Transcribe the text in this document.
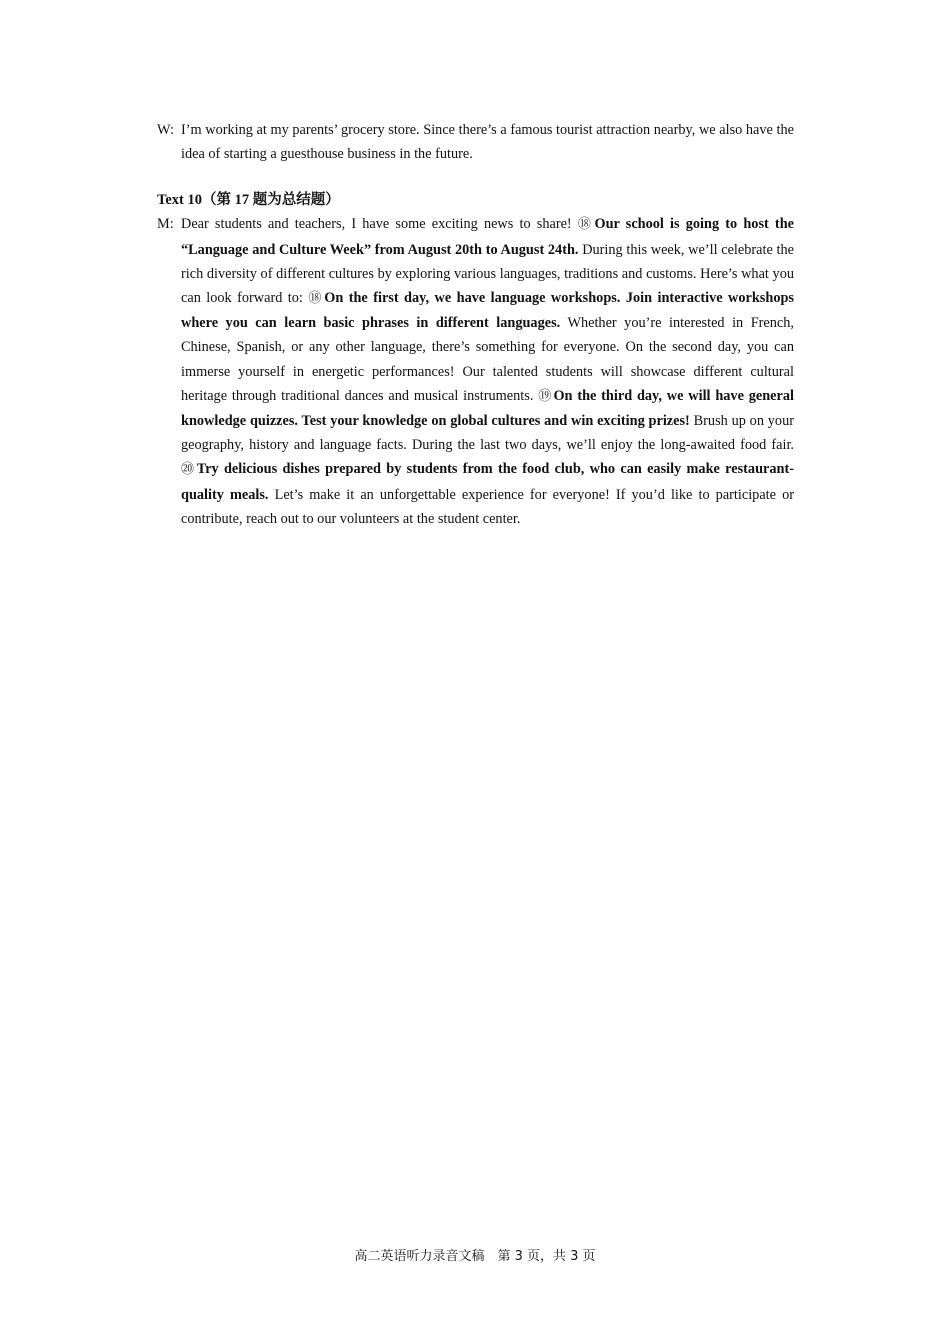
W: I’m working at my parents’ grocery store. Since there’s a famous tourist attraction nearby, we also have the idea of starting a guesthouse business in the future.

Text 10（第 17 题为总结题）

M: Dear students and teachers, I have some exciting news to share! ⑱Our school is going to host the “Language and Culture Week” from August 20th to August 24th. During this week, we’ll celebrate the rich diversity of different cultures by exploring various languages, traditions and customs. Here’s what you can look forward to: ⑱On the first day, we have language workshops. Join interactive workshops where you can learn basic phrases in different languages. Whether you’re interested in French, Chinese, Spanish, or any other language, there’s something for everyone. On the second day, you can immerse yourself in energetic performances! Our talented students will showcase different cultural heritage through traditional dances and musical instruments. ⑲On the third day, we will have general knowledge quizzes. Test your knowledge on global cultures and win exciting prizes! Brush up on your geography, history and language facts. During the last two days, we’ll enjoy the long-awaited food fair. ⑳Try delicious dishes prepared by students from the food club, who can easily make restaurant-quality meals. Let’s make it an unforgettable experience for everyone! If you’d like to participate or contribute, reach out to our volunteers at the student center.

高二英语听力录音文稿　第 3 页，共 3 页
